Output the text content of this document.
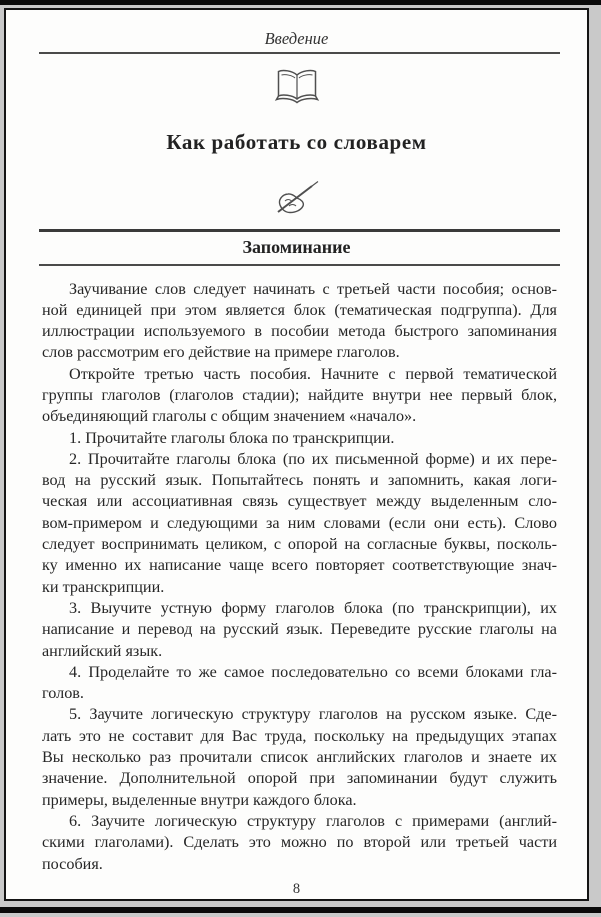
Введение
Как работать со словарем
Запоминание
Заучивание слов следует начинать с третьей части пособия; основ-
ной единицей при этом является блок (тематическая подгруппа). Для
иллюстрации используемого в пособии метода быстрого запоминания
слов рассмотрим его действие на примере глаголов.
Откройте третью часть пособия. Начните с первой тематической
группы глаголов (глаголов стадии); найдите внутри нее первый блок,
объединяющий глаголы с общим значением «начало».
1. Прочитайте глаголы блока по транскрипции.
2. Прочитайте глаголы блока (по их письменной форме) и их пере-
вод на русский язык. Попытайтесь понять и запомнить, какая логи-
ческая или ассоциативная связь существует между выделенным сло-
вом-примером и следующими за ним словами (если они есть). Слово
следует воспринимать целиком, с опорой на согласные буквы, посколь-
ку именно их написание чаще всего повторяет соответствующие знач-
ки транскрипции.
3. Выучите устную форму глаголов блока (по транскрипции), их
написание и перевод на русский язык. Переведите русские глаголы на
английский язык.
4. Проделайте то же самое последовательно со всеми блоками гла-
голов.
5. Заучите логическую структуру глаголов на русском языке. Сде-
лать это не составит для Вас труда, поскольку на предыдущих этапах
Вы несколько раз прочитали список английских глаголов и знаете их
значение. Дополнительной опорой при запоминании будут служить
примеры, выделенные внутри каждого блока.
6. Заучите логическую структуру глаголов с примерами (англий-
скими глаголами). Сделать это можно по второй или третьей части
пособия.
8
